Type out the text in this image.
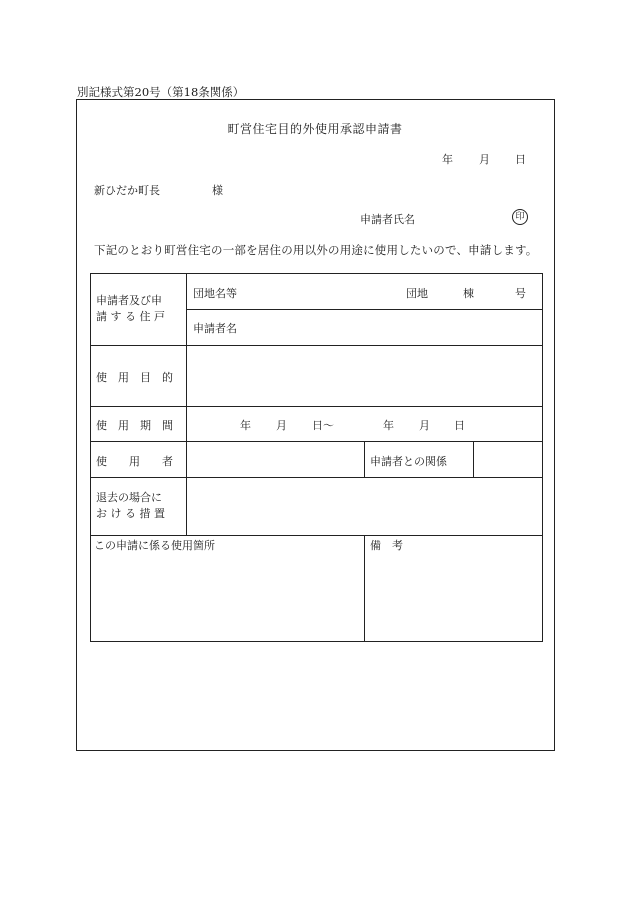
別記様式第20号（第18条関係）
町営住宅目的外使用承認申請書
年 月 日
新ひだか町長	様
申請者氏名	印
下記のとおり町営住宅の一部を居住の用以外の用途に使用したいので、申請します。
申請者及び申
請 す る 住 戸
団地名等	団地	棟	号
申請者名
使　用　目　的
使　用　期　間	年 月 日～	年 月 日
使　　用　　者	申請者との関係
退去の場合に
お け る 措 置
この申請に係る使用箇所	備　考
